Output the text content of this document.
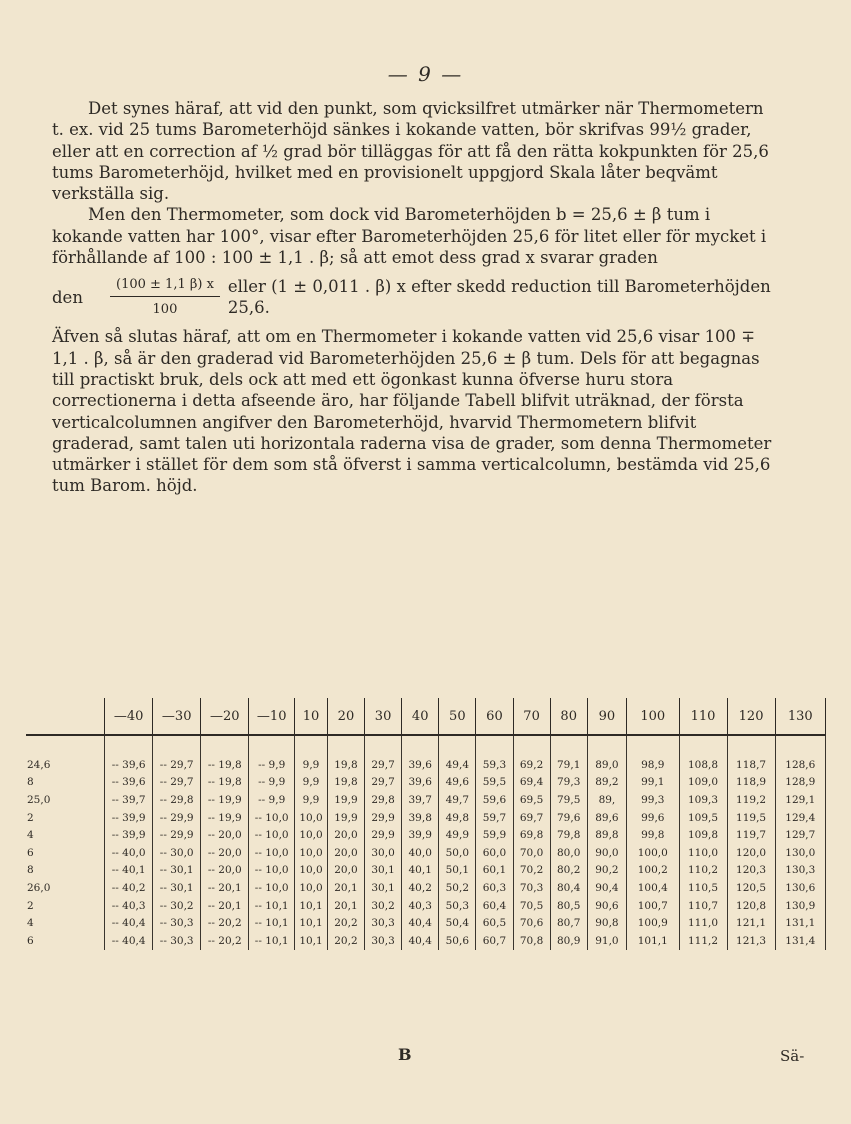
— 9 —

Det synes häraf, att vid den punkt, som qvicksilfret utmärker när Thermometern t. ex. vid 25 tums Barometerhöjd sänkes i kokande vatten, bör skrifvas 99½ grader, eller att en correction af ½ grad bör tilläggas för att få den rätta kokpunkten för 25,6 tums Barometerhöjd, hvilket med en provisionelt uppgjord Skala låter beqvämt verkställa sig.

Men den Thermometer, som dock vid Barometerhöjden b = 25,6 ± β tum i kokande vatten har 100°, visar efter Barometerhöjden 25,6 för litet eller för mycket i förhållande af 100 : 100 ± 1,1 . β; så att emot dess grad x svarar graden

den	$\frac{(100 \pm 1,1 \beta) x}{100}$ eller (1 ± 0,011 . β) x efter skedd reduction till Barometerhöjden 25,6.

Äfven så slutas häraf, att om en Thermometer i kokande vatten vid 25,6 visar 100 ∓ 1,1 . β, så är den graderad vid Barometerhöjden 25,6 ± β tum. Dels för att begagnas till practiskt bruk, dels ock att med ett ögonkast kunna öfverse huru stora correctionerna i detta afseende äro, har följande Tabell blifvit uträknad, der första verticalcolumnen angifver den Barometerhöjd, hvarvid Thermometern blifvit graderad, samt talen uti horizontala raderna visa de grader, som denna Thermometer utmärker i stället för dem som stå öfverst i samma verticalcolumn, bestämda vid 25,6 tum Barom. höjd.

	—40	—30	—20	—10	10	20	30	40	50	60	70	80	90	100	110	120	130

24,6	-- 39,6	-- 29,7	-- 19,8	-- 9,9	9,9	19,8	29,7	39,6	49,4	59,3	69,2	79,1	89,0	98,9	108,8	118,7	128,6
8	-- 39,6	-- 29,7	-- 19,8	-- 9,9	9,9	19,8	29,7	39,6	49,6	59,5	69,4	79,3	89,2	99,1	109,0	118,9	128,9
25,0	-- 39,7	-- 29,8	-- 19,9	-- 9,9	9,9	19,9	29,8	39,7	49,7	59,6	69,5	79,5	89,	99,3	109,3	119,2	129,1
2	-- 39,9	-- 29,9	-- 19,9	-- 10,0	10,0	19,9	29,9	39,8	49,8	59,7	69,7	79,6	89,6	99,6	109,5	119,5	129,4
4	-- 39,9	-- 29,9	-- 20,0	-- 10,0	10,0	20,0	29,9	39,9	49,9	59,9	69,8	79,8	89,8	99,8	109,8	119,7	129,7
6	-- 40,0	-- 30,0	-- 20,0	-- 10,0	10,0	20,0	30,0	40,0	50,0	60,0	70,0	80,0	90,0	100,0	110,0	120,0	130,0
8	-- 40,1	-- 30,1	-- 20,0	-- 10,0	10,0	20,0	30,1	40,1	50,1	60,1	70,2	80,2	90,2	100,2	110,2	120,3	130,3
26,0	-- 40,2	-- 30,1	-- 20,1	-- 10,0	10,0	20,1	30,1	40,2	50,2	60,3	70,3	80,4	90,4	100,4	110,5	120,5	130,6
2	-- 40,3	-- 30,2	-- 20,1	-- 10,1	10,1	20,1	30,2	40,3	50,3	60,4	70,5	80,5	90,6	100,7	110,7	120,8	130,9
4	-- 40,4	-- 30,3	-- 20,2	-- 10,1	10,1	20,2	30,3	40,4	50,4	60,5	70,6	80,7	90,8	100,9	111,0	121,1	131,1
6	-- 40,4	-- 30,3	-- 20,2	-- 10,1	10,1	20,2	30,3	40,4	50,6	60,7	70,8	80,9	91,0	101,1	111,2	121,3	131,4
B	Sä-
